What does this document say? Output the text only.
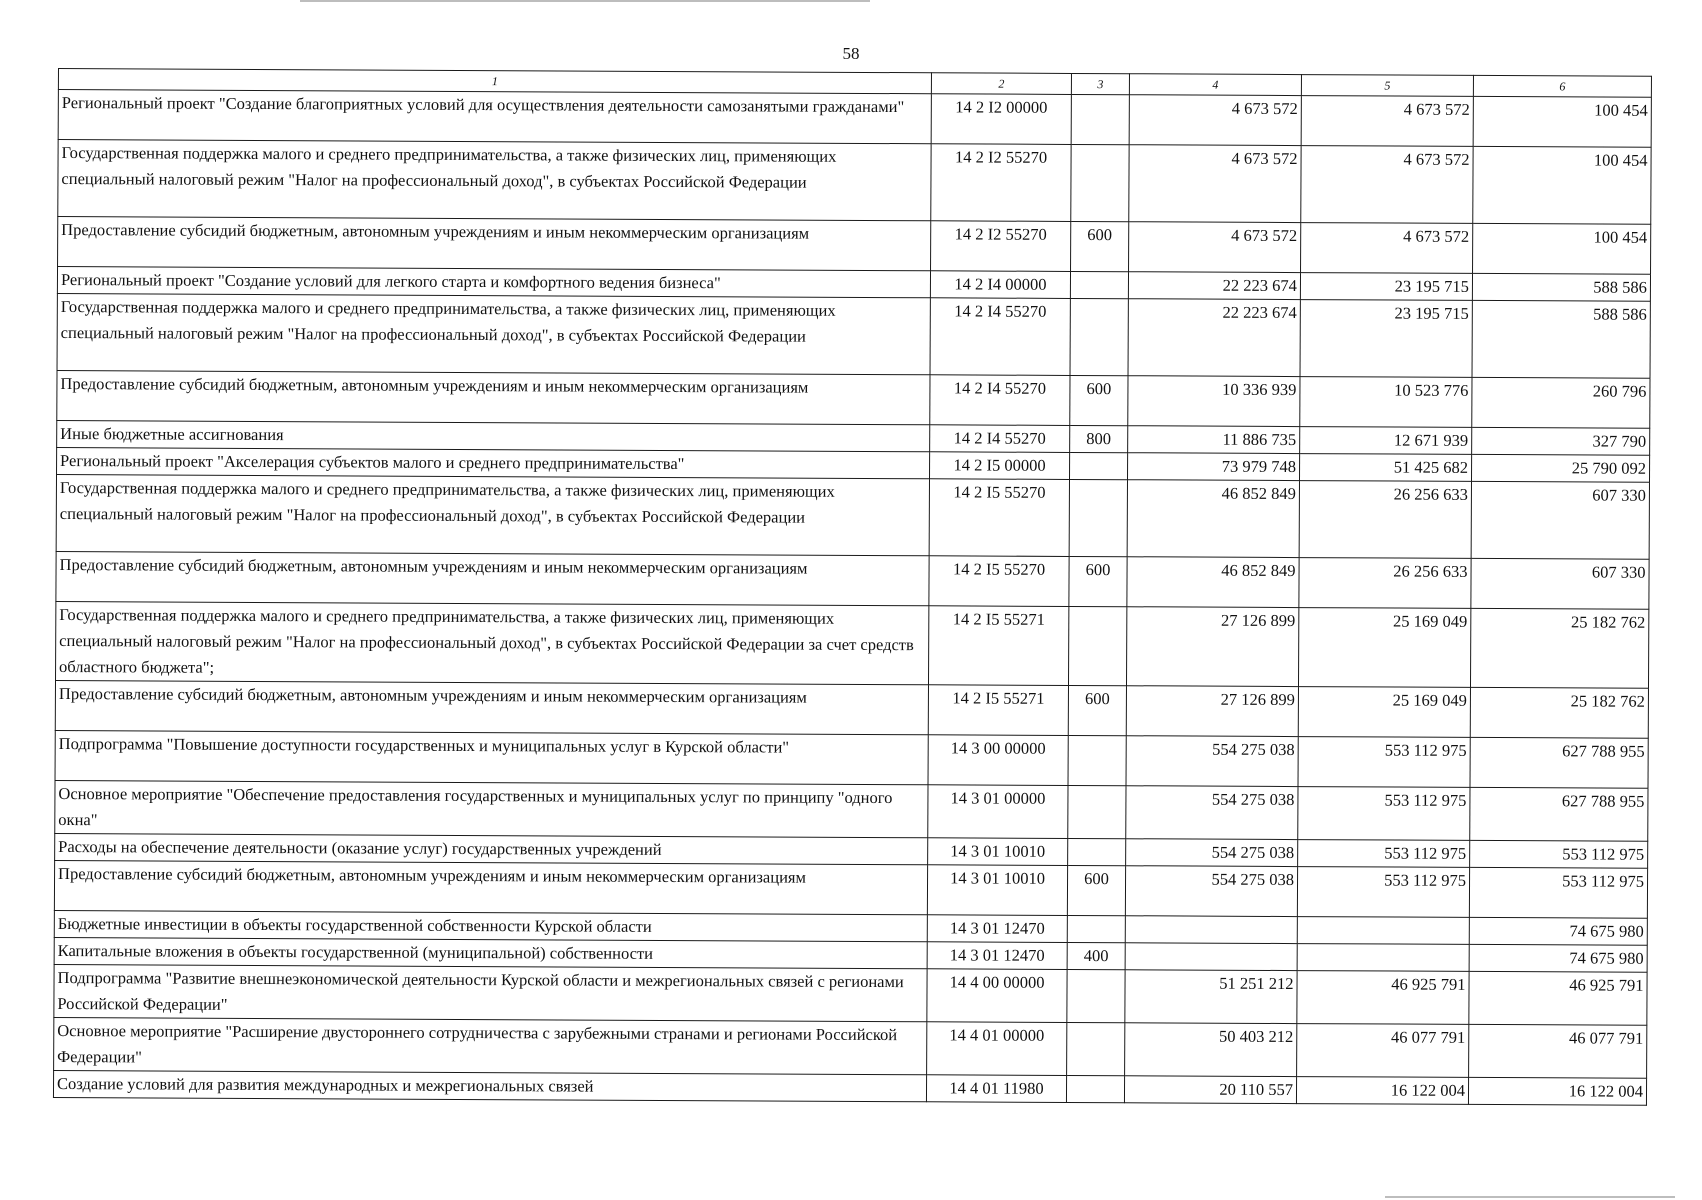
58
1	2	3	4	5	6
Региональный проект "Создание благоприятных условий для осуществления деятельности самозанятыми гражданами"	14 2 I2 00000		4 673 572	4 673 572	100 454
Государственная поддержка малого и среднего предпринимательства, а также физических лиц, применяющих специальный налоговый режим "Налог на профессиональный доход", в субъектах Российской Федерации	14 2 I2 55270		4 673 572	4 673 572	100 454
Предоставление субсидий бюджетным, автономным учреждениям и иным некоммерческим организациям	14 2 I2 55270	600	4 673 572	4 673 572	100 454
Региональный проект "Создание условий для легкого старта и комфортного ведения бизнеса"	14 2 I4 00000		22 223 674	23 195 715	588 586
Государственная поддержка малого и среднего предпринимательства, а также физических лиц, применяющих специальный налоговый режим "Налог на профессиональный доход", в субъектах Российской Федерации	14 2 I4 55270		22 223 674	23 195 715	588 586
Предоставление субсидий бюджетным, автономным учреждениям и иным некоммерческим организациям	14 2 I4 55270	600	10 336 939	10 523 776	260 796
Иные бюджетные ассигнования	14 2 I4 55270	800	11 886 735	12 671 939	327 790
Региональный проект "Акселерация субъектов малого и среднего предпринимательства"	14 2 I5 00000		73 979 748	51 425 682	25 790 092
Государственная поддержка малого и среднего предпринимательства, а также физических лиц, применяющих специальный налоговый режим "Налог на профессиональный доход", в субъектах Российской Федерации	14 2 I5 55270		46 852 849	26 256 633	607 330
Предоставление субсидий бюджетным, автономным учреждениям и иным некоммерческим организациям	14 2 I5 55270	600	46 852 849	26 256 633	607 330
Государственная поддержка малого и среднего предпринимательства, а также физических лиц, применяющих специальный налоговый режим "Налог на профессиональный доход", в субъектах Российской Федерации за счет средств областного бюджета";	14 2 I5 55271		27 126 899	25 169 049	25 182 762
Предоставление субсидий бюджетным, автономным учреждениям и иным некоммерческим организациям	14 2 I5 55271	600	27 126 899	25 169 049	25 182 762
Подпрограмма "Повышение доступности государственных и муниципальных услуг в Курской области"	14 3 00 00000		554 275 038	553 112 975	627 788 955
Основное мероприятие "Обеспечение предоставления государственных и муниципальных услуг по принципу "одного окна"	14 3 01 00000		554 275 038	553 112 975	627 788 955
Расходы на обеспечение деятельности (оказание услуг) государственных учреждений	14 3 01 10010		554 275 038	553 112 975	553 112 975
Предоставление субсидий бюджетным, автономным учреждениям и иным некоммерческим организациям	14 3 01 10010	600	554 275 038	553 112 975	553 112 975
Бюджетные инвестиции в объекты государственной собственности Курской области	14 3 01 12470				74 675 980
Капитальные вложения в объекты государственной (муниципальной) собственности	14 3 01 12470	400			74 675 980
Подпрограмма "Развитие внешнеэкономической деятельности Курской области и межрегиональных связей с регионами Российской Федерации"	14 4 00 00000		51 251 212	46 925 791	46 925 791
Основное мероприятие "Расширение двустороннего сотрудничества с зарубежными странами и регионами Российской Федерации"	14 4 01 00000		50 403 212	46 077 791	46 077 791
Создание условий для развития международных и межрегиональных связей	14 4 01 11980		20 110 557	16 122 004	16 122 004
